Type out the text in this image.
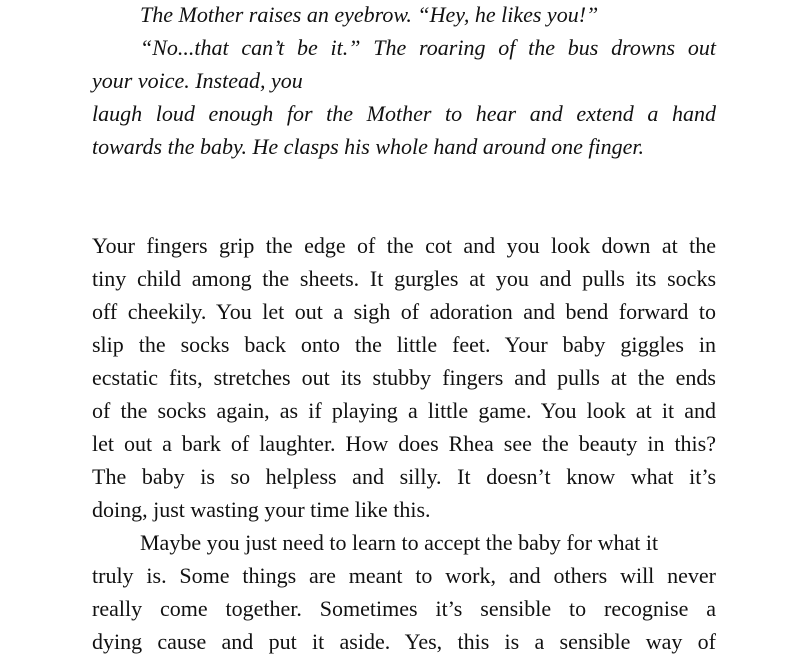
The Mother raises an eyebrow. “Hey, he likes you!”
“No...that can’t be it.” The roaring of the bus drowns out
your voice. Instead, you
laugh loud enough for the Mother to hear and extend a hand
towards the baby. He clasps his whole hand around one finger.
Your fingers grip the edge of the cot and you look down at the
tiny child among the sheets. It gurgles at you and pulls its socks
off cheekily. You let out a sigh of adoration and bend forward to
slip the socks back onto the little feet. Your baby giggles in
ecstatic fits, stretches out its stubby fingers and pulls at the ends
of the socks again, as if playing a little game. You look at it and
let out a bark of laughter. How does Rhea see the beauty in this?
The baby is so helpless and silly. It doesn’t know what it’s
doing, just wasting your time like this.
Maybe you just need to learn to accept the baby for what it
truly is. Some things are meant to work, and others will never
really come together. Sometimes it’s sensible to recognise a
dying cause and put it aside. Yes, this is a sensible way of
